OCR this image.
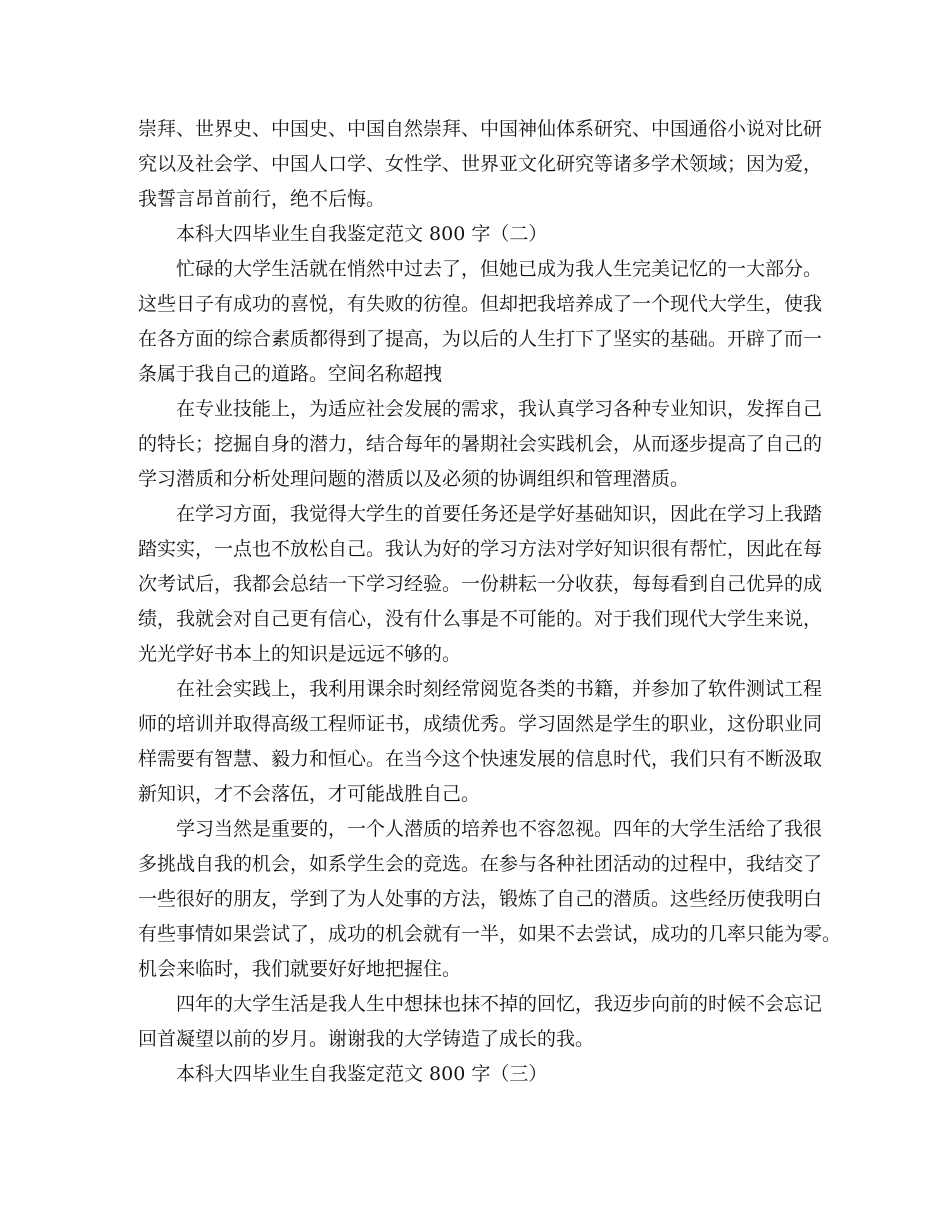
崇拜、世界史、中国史、中国自然崇拜、中国神仙体系研究、中国通俗小说对比研
究以及社会学、中国人口学、女性学、世界亚文化研究等诸多学术领域；因为爱，
我誓言昂首前行，绝不后悔。
本科大四毕业生自我鉴定范文 800 字（二）
忙碌的大学生活就在悄然中过去了，但她已成为我人生完美记忆的一大部分。
这些日子有成功的喜悦，有失败的彷徨。但却把我培养成了一个现代大学生，使我
在各方面的综合素质都得到了提高，为以后的人生打下了坚实的基础。开辟了而一
条属于我自己的道路。空间名称超拽
在专业技能上，为适应社会发展的需求，我认真学习各种专业知识，发挥自己
的特长；挖掘自身的潜力，结合每年的暑期社会实践机会，从而逐步提高了自己的
学习潜质和分析处理问题的潜质以及必须的协调组织和管理潜质。
在学习方面，我觉得大学生的首要任务还是学好基础知识，因此在学习上我踏
踏实实，一点也不放松自己。我认为好的学习方法对学好知识很有帮忙，因此在每
次考试后，我都会总结一下学习经验。一份耕耘一分收获，每每看到自己优异的成
绩，我就会对自己更有信心，没有什么事是不可能的。对于我们现代大学生来说，
光光学好书本上的知识是远远不够的。
在社会实践上，我利用课余时刻经常阅览各类的书籍，并参加了软件测试工程
师的培训并取得高级工程师证书，成绩优秀。学习固然是学生的职业，这份职业同
样需要有智慧、毅力和恒心。在当今这个快速发展的信息时代，我们只有不断汲取
新知识，才不会落伍，才可能战胜自己。
学习当然是重要的，一个人潜质的培养也不容忽视。四年的大学生活给了我很
多挑战自我的机会，如系学生会的竞选。在参与各种社团活动的过程中，我结交了
一些很好的朋友，学到了为人处事的方法，锻炼了自己的潜质。这些经历使我明白
有些事情如果尝试了，成功的机会就有一半，如果不去尝试，成功的几率只能为零。
机会来临时，我们就要好好地把握住。
四年的大学生活是我人生中想抹也抹不掉的回忆，我迈步向前的时候不会忘记
回首凝望以前的岁月。谢谢我的大学铸造了成长的我。
本科大四毕业生自我鉴定范文 800 字（三）
